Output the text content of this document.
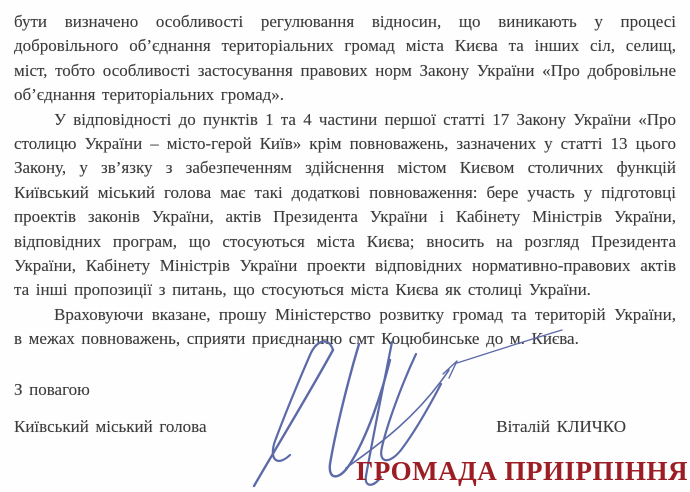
бути визначено особливості регулювання відносин, що виникають у процесі добровільного об’єднання територіальних громад міста Києва та інших сіл, селищ, міст, тобто особливості застосування правових норм Закону України «Про добровільне об’єднання територіальних громад».

У відповідності до пунктів 1 та 4 частини першої статті 17 Закону України «Про столицю України – місто-герой Київ» крім повноважень, зазначених у статті 13 цього Закону, у зв’язку з забезпеченням здійснення містом Києвом столичних функцій Київський міський голова має такі додаткові повноваження: бере участь у підготовці проектів законів України, актів Президента України і Кабінету Міністрів України, відповідних програм, що стосуються міста Києва; вносить на розгляд Президента України, Кабінету Міністрів України проекти відповідних нормативно-правових актів та інші пропозиції з питань, що стосуються міста Києва як столиці України.

Враховуючи вказане, прошу Міністерство розвитку громад та територій України, в межах повноважень, сприяти приєднанню смт Коцюбинське до м. Києва.

З повагою

Київський міський голова	Віталій КЛИЧКО
ГРОМАДА ПРИІРПІННЯ
